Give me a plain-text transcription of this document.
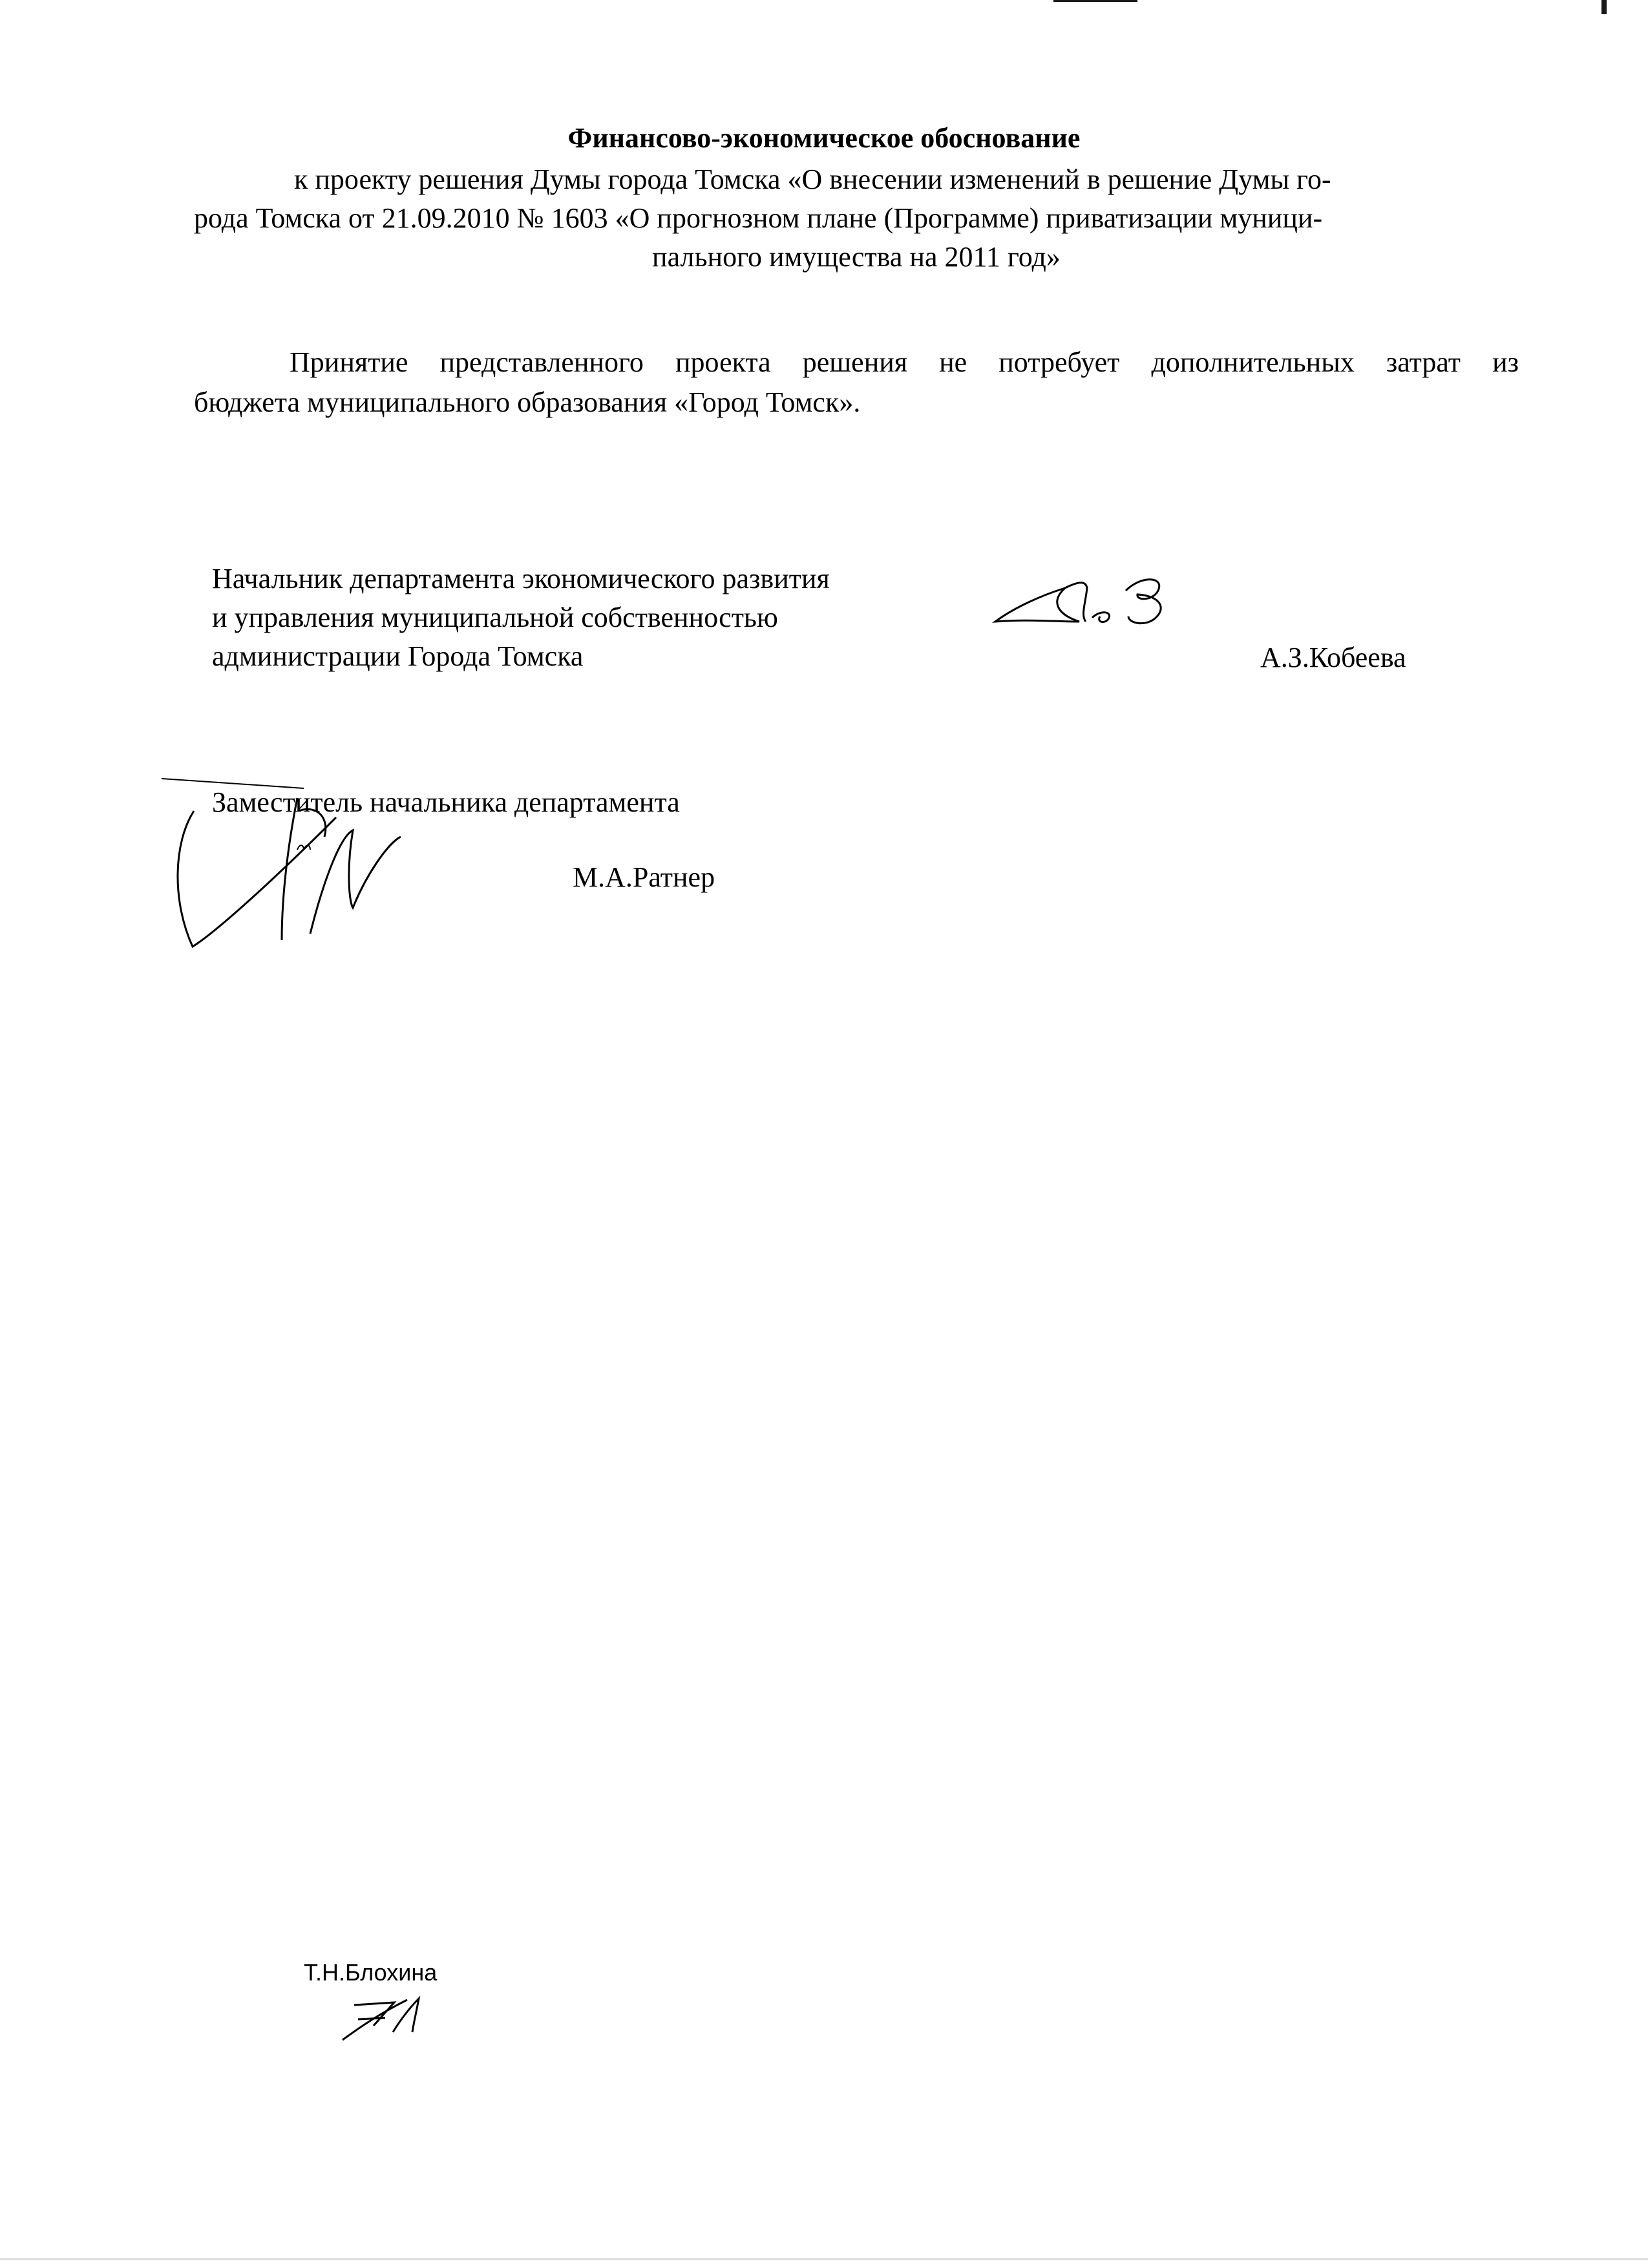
Финансово-экономическое обоснование
к проекту решения Думы города Томска «О внесении изменений в решение Думы го-
рода Томска от 21.09.2010 № 1603 «О прогнозном плане (Программе) приватизации муници-
пального имущества на 2011 год»
Принятие представленного проекта решения не потребует дополнительных затрат из
бюджета муниципального образования «Город Томск».
Начальник департамента экономического развития
и управления муниципальной собственностью
администрации Города Томска	А.З.Кобеева
Заместитель начальника департамента
М.А.Ратнер
Т.Н.Блохина
